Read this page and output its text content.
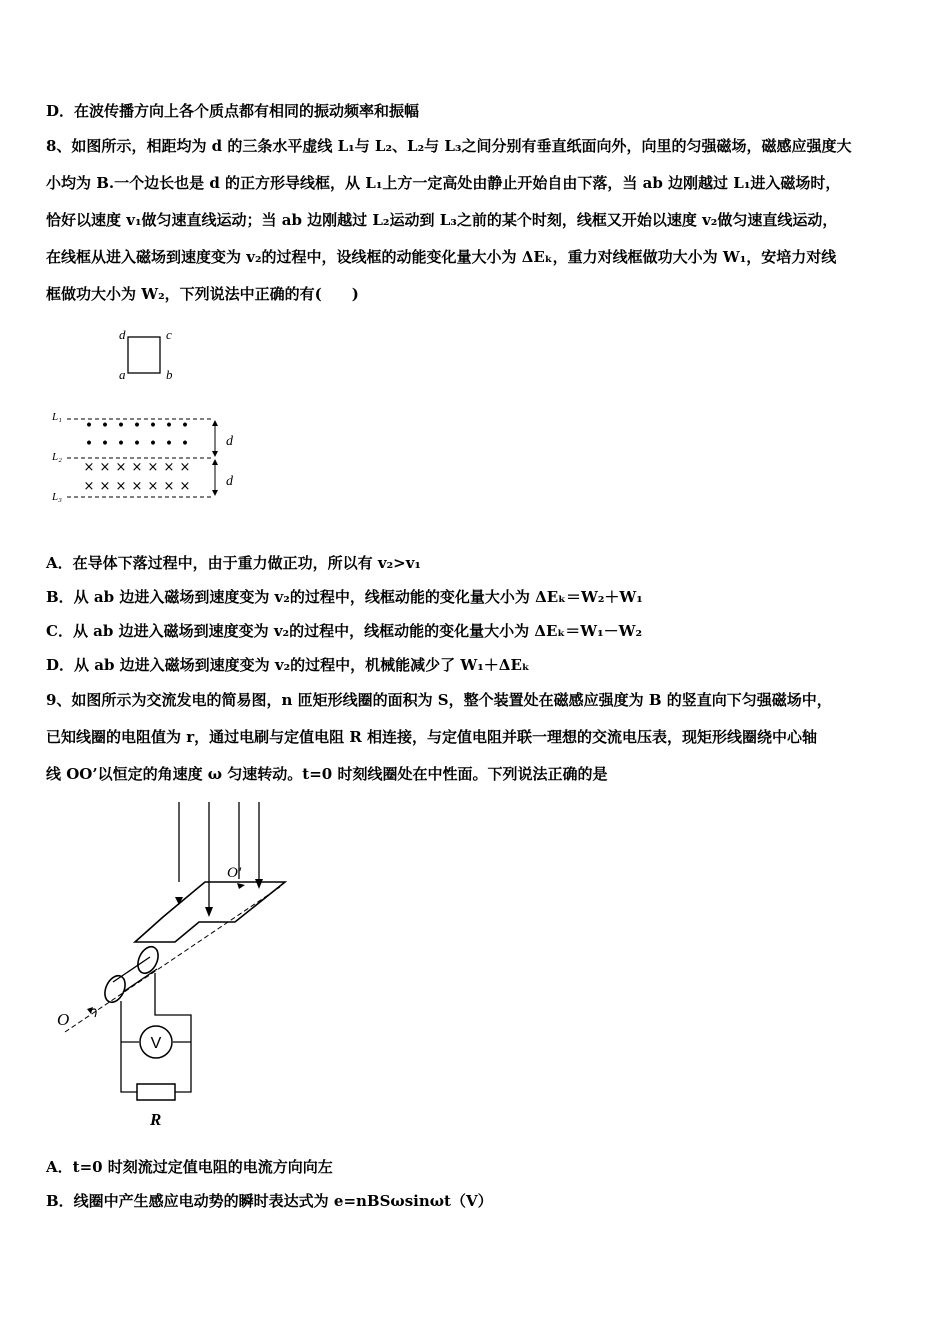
D．在波传播方向上各个质点都有相同的振动频率和振幅
8、如图所示，相距均为 d 的三条水平虚线 L₁与 L₂、L₂与 L₃之间分别有垂直纸面向外，向里的匀强磁场，磁感应强度大
小均为 B.一个边长也是 d 的正方形导线框，从 L₁上方一定高处由静止开始自由下落，当 ab 边刚越过 L₁进入磁场时，
恰好以速度 v₁做匀速直线运动；当 ab 边刚越过 L₂运动到 L₃之前的某个时刻，线框又开始以速度 v₂做匀速直线运动，
在线框从进入磁场到速度变为 v₂的过程中，设线框的动能变化量大小为 ΔEₖ，重力对线框做功大小为 W₁，安培力对线
框做功大小为 W₂，下列说法中正确的有(　　)
d	c
a	b
L₁
L₂
L₃
• • • • • • •
• • • • • • •
× × × × × × ×
× × × × × × ×
d
d
A．在导体下落过程中，由于重力做正功，所以有 v₂>v₁
B．从 ab 边进入磁场到速度变为 v₂的过程中，线框动能的变化量大小为 ΔEₖ＝W₂＋W₁
C．从 ab 边进入磁场到速度变为 v₂的过程中，线框动能的变化量大小为 ΔEₖ＝W₁－W₂
D．从 ab 边进入磁场到速度变为 v₂的过程中，机械能减少了 W₁＋ΔEₖ
9、如图所示为交流发电的简易图，n 匝矩形线圈的面积为 S，整个装置处在磁感应强度为 B 的竖直向下匀强磁场中，
已知线圈的电阻值为 r，通过电刷与定值电阻 R 相连接，与定值电阻并联一理想的交流电压表，现矩形线圈绕中心轴
线 OO’以恒定的角速度 ω 匀速转动。t=0 时刻线圈处在中性面。下列说法正确的是
O'
O
V
R
A．t=0 时刻流过定值电阻的电流方向向左
B．线圈中产生感应电动势的瞬时表达式为 e=nBSωsinωt（V）
